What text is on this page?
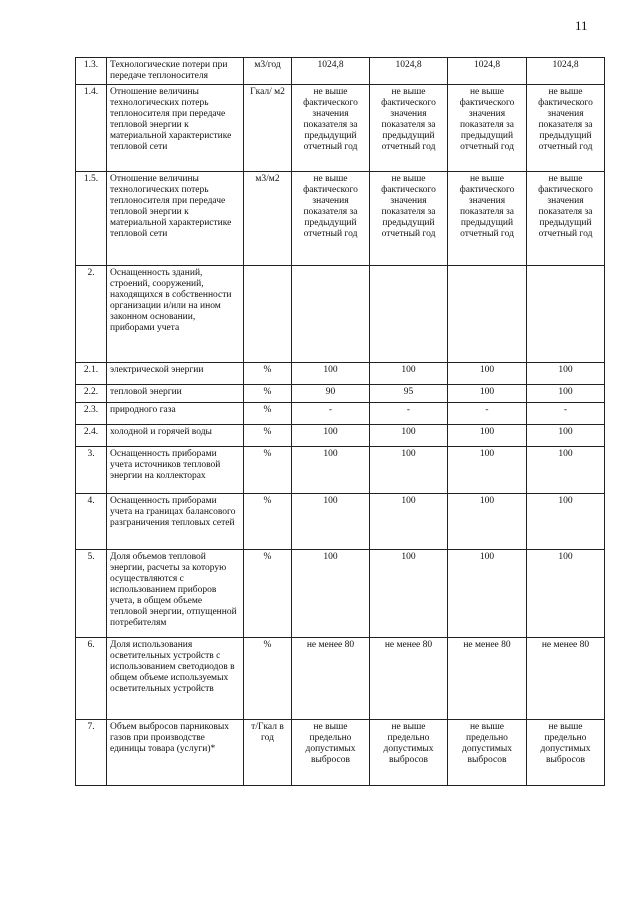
11
1.3.	Технологические потери при передаче теплоносителя	м3/год	1024,8	1024,8	1024,8	1024,8
1.4.	Отношение величины технологических потерь теплоносителя при передаче тепловой энергии к материальной характеристике тепловой сети	Гкал/ м2	не выше фактического значения показателя за предыдущий отчетный год	не выше фактического значения показателя за предыдущий отчетный год	не выше фактического значения показателя за предыдущий отчетный год	не выше фактического значения показателя за предыдущий отчетный год
1.5.	Отношение величины технологических потерь теплоносителя при передаче тепловой энергии к материальной характеристике тепловой сети	м3/м2	не выше фактического значения показателя за предыдущий отчетный год	не выше фактического значения показателя за предыдущий отчетный год	не выше фактического значения показателя за предыдущий отчетный год	не выше фактического значения показателя за предыдущий отчетный год
2.	Оснащенность зданий, строений, сооружений, находящихся в собственности организации и/или на ином законном основании, приборами учета					
2.1.	электрической энергии	%	100	100	100	100
2.2.	тепловой энергии	%	90	95	100	100
2.3.	природного газа	%	-	-	-	-
2.4.	холодной и горячей воды	%	100	100	100	100
3.	Оснащенность приборами учета источников тепловой энергии на коллекторах	%	100	100	100	100
4.	Оснащенность приборами учета на границах балансового разграничения тепловых сетей	%	100	100	100	100
5.	Доля объемов тепловой энергии, расчеты за которую осуществляются с использованием приборов учета, в общем объеме тепловой энергии, отпущенной потребителям	%	100	100	100	100
6.	Доля использования осветительных устройств с использованием светодиодов в общем объеме используемых осветительных устройств	%	не менее 80	не менее 80	не менее 80	не менее 80
7.	Объем выбросов парниковых газов при производстве единицы товара (услуги)*	т/Гкал в год	не выше предельно допустимых выбросов	не выше предельно допустимых выбросов	не выше предельно допустимых выбросов	не выше предельно допустимых выбросов
